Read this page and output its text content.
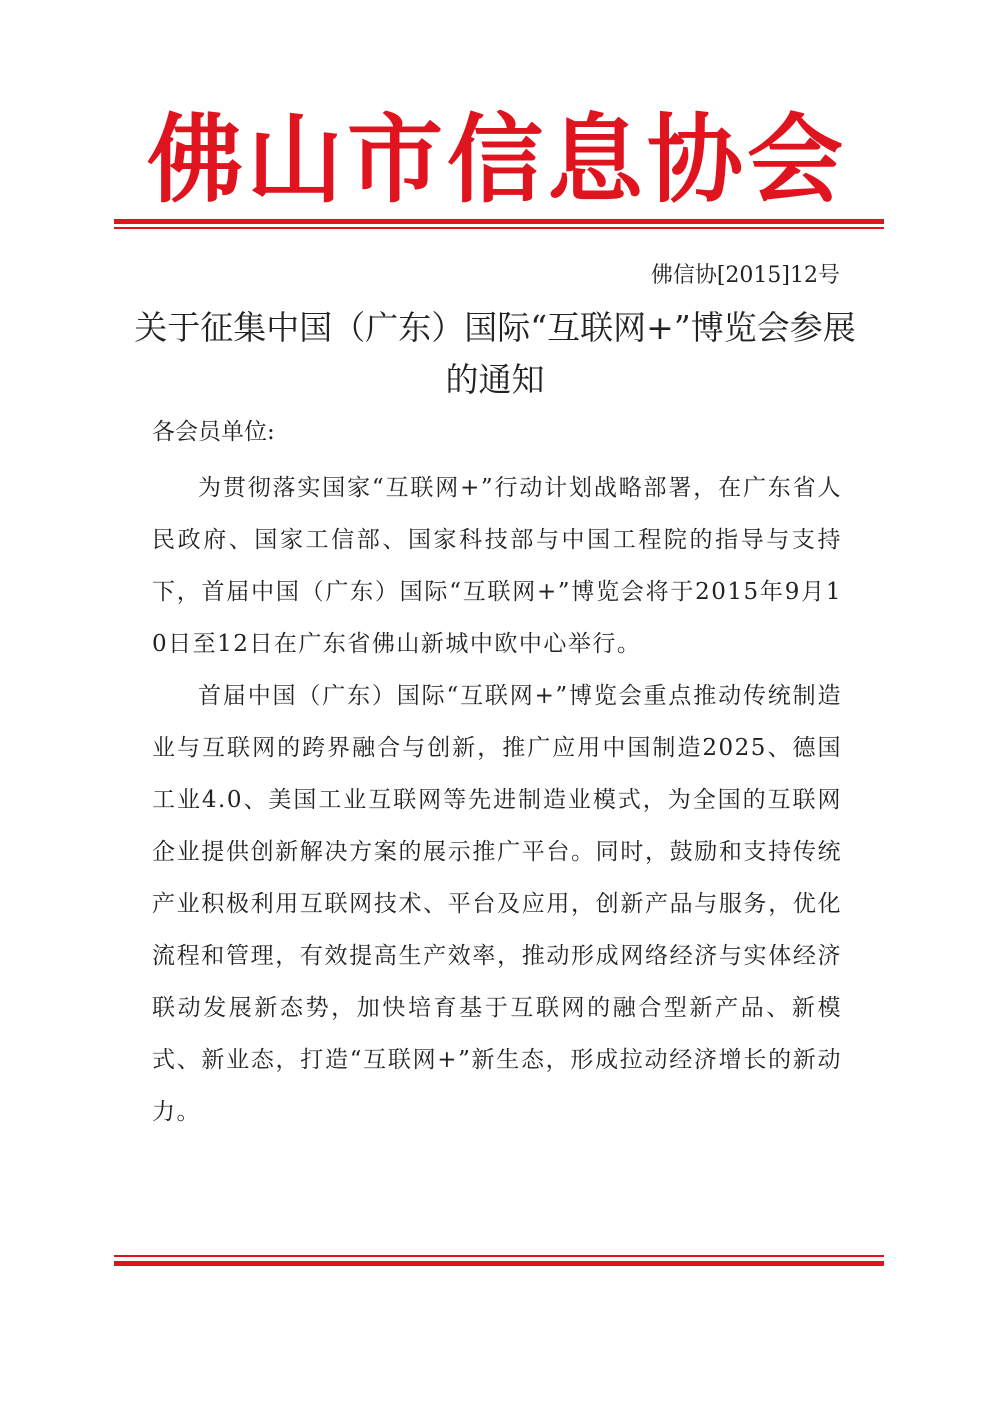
佛山市信息协会
佛信协[2015]12号
关于征集中国（广东）国际“互联网+”博览会参展的通知
各会员单位:

为贯彻落实国家“互联网+”行动计划战略部署，在广东省人民政府、国家工信部、国家科技部与中国工程院的指导与支持下，首届中国（广东）国际“互联网+”博览会将于2015年9月10日至12日在广东省佛山新城中欧中心举行。

首届中国（广东）国际“互联网+”博览会重点推动传统制造业与互联网的跨界融合与创新，推广应用中国制造2025、德国工业4.0、美国工业互联网等先进制造业模式，为全国的互联网企业提供创新解决方案的展示推广平台。同时，鼓励和支持传统产业积极利用互联网技术、平台及应用，创新产品与服务，优化流程和管理，有效提高生产效率，推动形成网络经济与实体经济联动发展新态势，加快培育基于互联网的融合型新产品、新模式、新业态，打造“互联网+”新生态，形成拉动经济增长的新动力。
